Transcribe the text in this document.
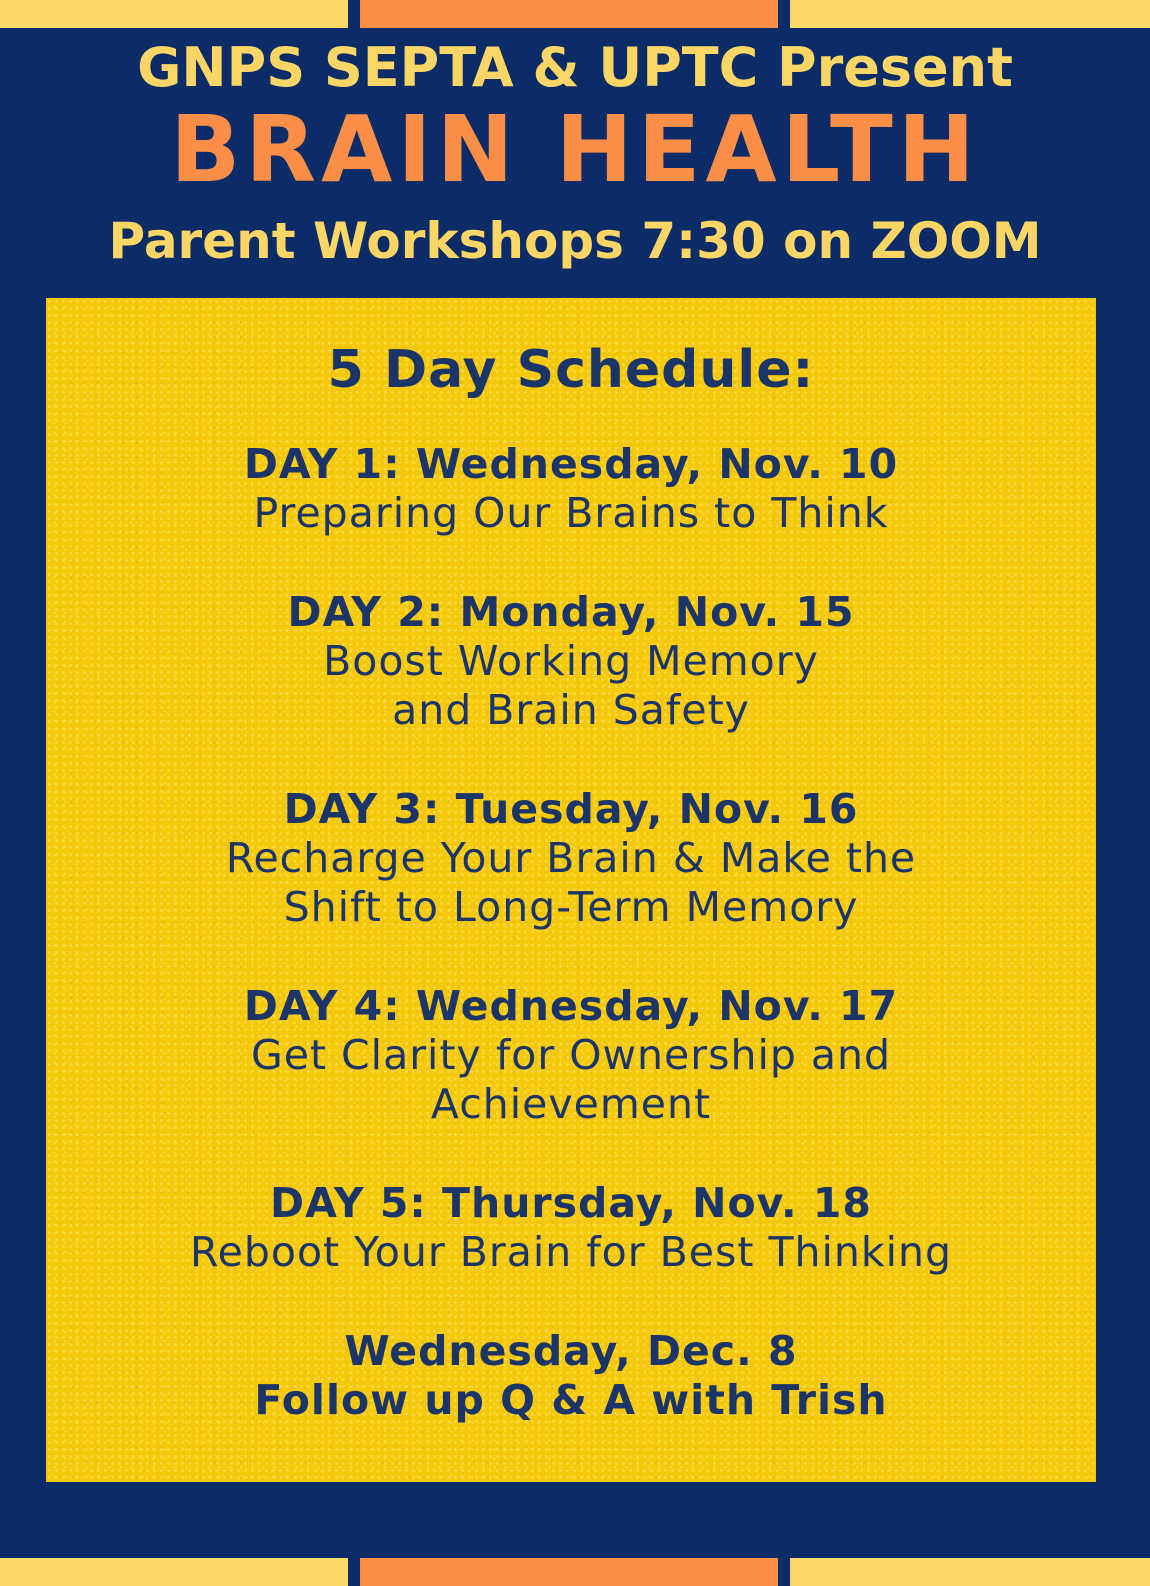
GNPS SEPTA & UPTC Present
BRAIN HEALTH
Parent Workshops 7:30 on ZOOM
5 Day Schedule:
DAY 1: Wednesday, Nov. 10
Preparing Our Brains to Think
DAY 2: Monday, Nov. 15
Boost Working Memory
and Brain Safety
DAY 3: Tuesday, Nov. 16
Recharge Your Brain & Make the
Shift to Long-Term Memory
DAY 4: Wednesday, Nov. 17
Get Clarity for Ownership and
Achievement
DAY 5: Thursday, Nov. 18
Reboot Your Brain for Best Thinking
Wednesday, Dec. 8
Follow up Q & A with Trish
